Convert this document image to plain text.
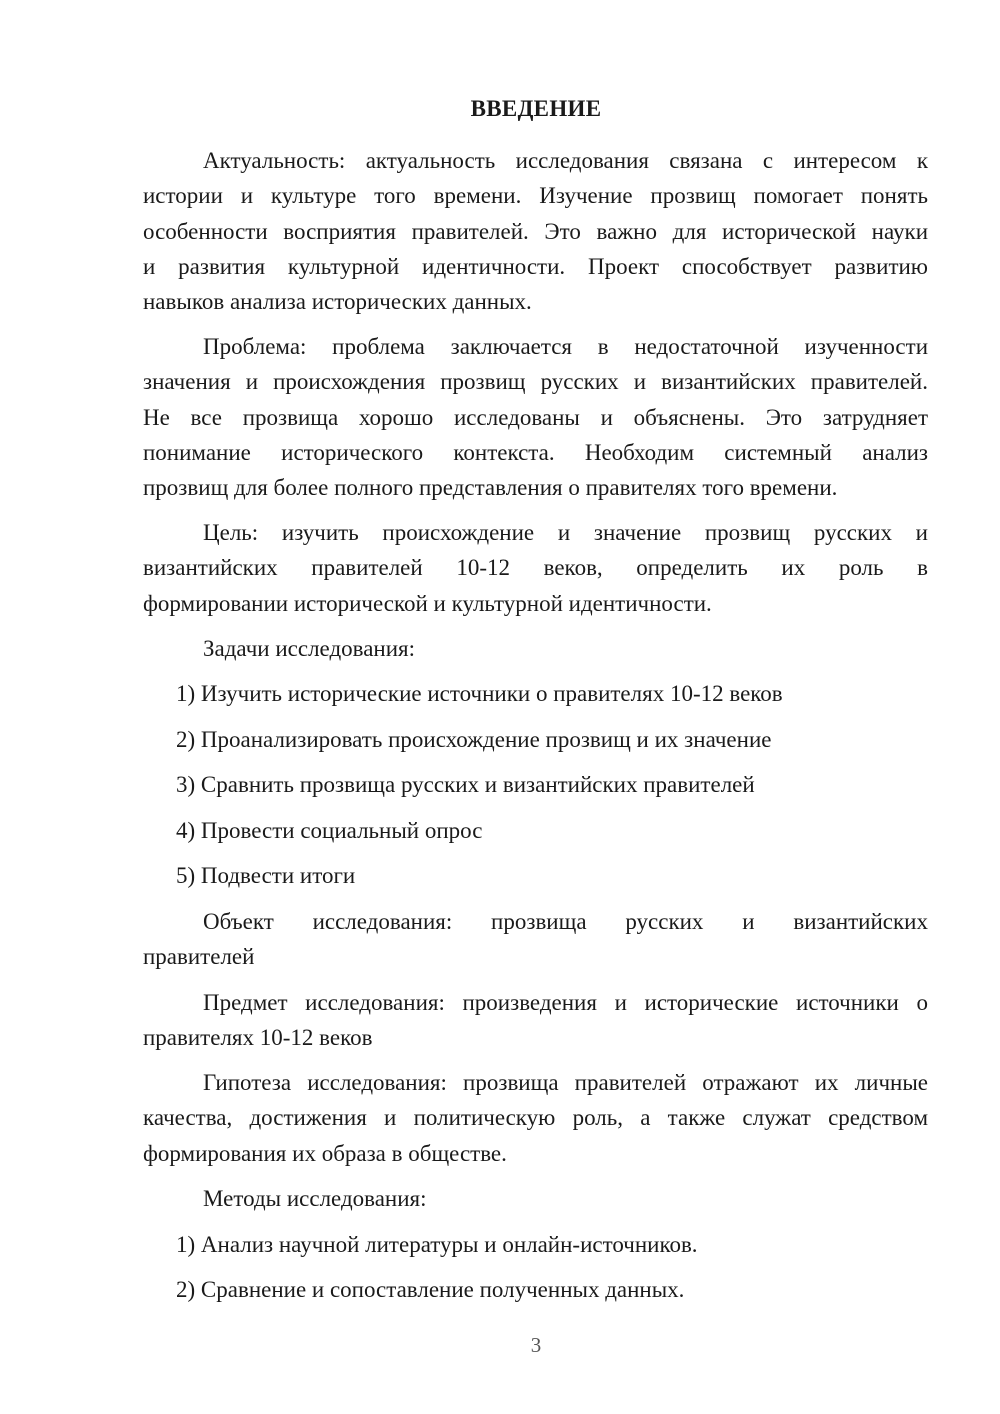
ВВЕДЕНИЕ
Актуальность: актуальность исследования связана с интересом к
истории и культуре того времени. Изучение прозвищ помогает понять
особенности восприятия правителей. Это важно для исторической науки
и развития культурной идентичности. Проект способствует развитию
навыков анализа исторических данных.
Проблема: проблема заключается в недостаточной изученности
значения и происхождения прозвищ русских и византийских правителей.
Не все прозвища хорошо исследованы и объяснены. Это затрудняет
понимание исторического контекста. Необходим системный анализ
прозвищ для более полного представления о правителях того времени.
Цель: изучить происхождение и значение прозвищ русских и
византийских правителей 10-12 веков, определить их роль в
формировании исторической и культурной идентичности.
Задачи исследования:
1) Изучить исторические источники о правителях 10-12 веков
2) Проанализировать происхождение прозвищ и их значение
3) Сравнить прозвища русских и византийских правителей
4) Провести социальный опрос
5) Подвести итоги
Объект исследования: прозвища русских и византийских
правителей
Предмет исследования: произведения и исторические источники о
правителях 10-12 веков
Гипотеза исследования: прозвища правителей отражают их личные
качества, достижения и политическую роль, а также служат средством
формирования их образа в обществе.
Методы исследования:
1) Анализ научной литературы и онлайн-источников.
2) Сравнение и сопоставление полученных данных.
3
